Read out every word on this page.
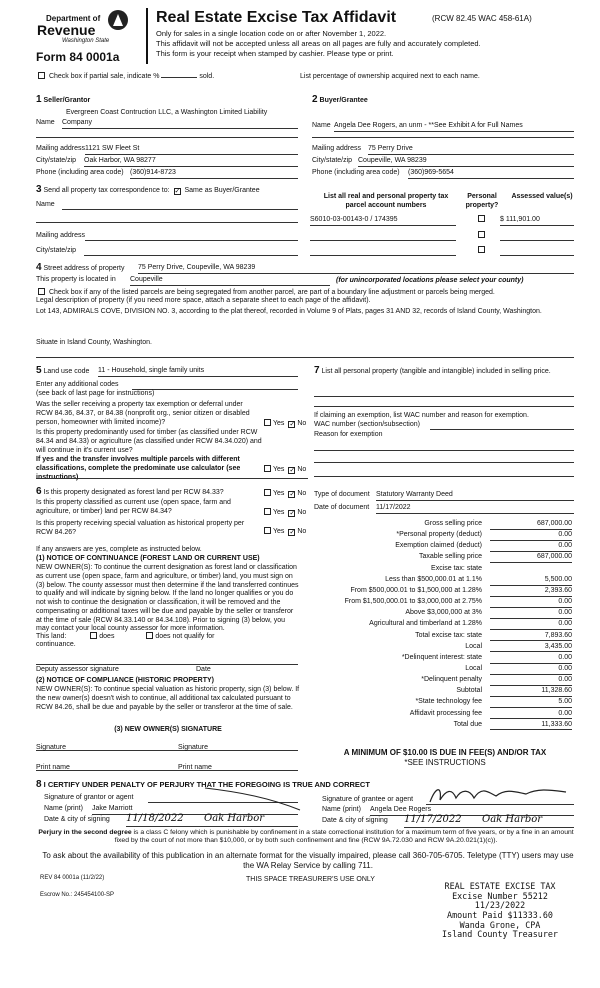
Department of
Revenue
Washington State
Form 84 0001a
Real Estate Excise Tax Affidavit	(RCW 82.45 WAC 458-61A)
Only for sales in a single location code on or after November 1, 2022.
This affidavit will not be accepted unless all areas on all pages are fully and accurately completed.
This form is your receipt when stamped by cashier. Please type or print.
Check box if partial sale, indicate %	sold.	List percentage of ownership acquired next to each name.
1 Seller/Grantor
Evergreen Coast Contruction LLC, a Washington Limited Liability
Name Company
Mailing address 1121 SW Fleet St
City/state/zip Oak Harbor, WA 98277
Phone (including area code) (360)914-8723
2 Buyer/Grantee
Name Angela Dee Rogers, an unm - **See Exhibit A for Full Names
Mailing address 75 Perry Drive
City/state/zip Coupeville, WA 98239
Phone (including area code) (360)969-5654
3 Send all property tax correspondence to: ✓ Same as Buyer/Grantee
Name
Mailing address
City/state/zip
List all real and personal property tax parcel account numbers
Personal property?
Assessed value(s)
S6010-03-00143-0 / 174395	$ 111,901.00
4 Street address of property 75 Perry Drive, Coupeville, WA 98239
This property is located in Coupeville	(for unincorporated locations please select your county)
Check box if any of the listed parcels are being segregated from another parcel, are part of a boundary line adjustment or parcels being merged.
Legal description of property (if you need more space, attach a separate sheet to each page of the affidavit).
Lot 143, ADMIRALS COVE, DIVISION NO. 3, according to the plat thereof, recorded in Volume 9 of Plats, pages 31 AND 32, records of Island County, Washington.
Situate in Island County, Washington.
5 Land use code 11 - Household, single family units
Enter any additional codes
(see back of last page for instructions)
Was the seller receiving a property tax exemption or deferral under RCW 84.36, 84.37, or 84.38 (nonprofit org., senior citizen or disabled person, homeowner with limited income)?	Yes ✓ No
Is this property predominantly used for timber (as classified under RCW 84.34 and 84.33) or agriculture (as classified under RCW 84.34.020) and will continue in it's current use?
If yes and the transfer involves multiple parcels with different classifications, complete the predominate use calculator (see instructions)
Yes ✓ No
7 List all personal property (tangible and intangible) included in selling price.
If claiming an exemption, list WAC number and reason for exemption.
WAC number (section/subsection)
Reason for exemption
6 Is this property designated as forest land per RCW 84.33?	Yes ✓ No
Is this property classified as current use (open space, farm and agriculture, or timber) land per RCW 84.34?	Yes ✓ No
Is this property receiving special valuation as historical property per RCW 84.26?	Yes ✓ No
If any answers are yes, complete as instructed below.
(1) NOTICE OF CONTINUANCE (FOREST LAND OR CURRENT USE)
NEW OWNER(S): To continue the current designation as forest land or classification as current use (open space, farm and agriculture, or timber) land, you must sign on (3) below. The county assessor must then determine if the land transferred continues to qualify and will indicate by signing below. If the land no longer qualifies or you do not wish to continue the designation or classification, it will be removed and the compensating or additional taxes will be due and payable by the seller or transferor at the time of sale (RCW 84.33.140 or 84.34.108). Prior to signing (3) below, you may contact your local county assessor for more information.
This land:	does	does not qualify for
continuance.
Deputy assessor signature	Date
(2) NOTICE OF COMPLIANCE (HISTORIC PROPERTY)
NEW OWNER(S): To continue special valuation as historic property, sign (3) below. If the new owner(s) doesn't wish to continue, all additional tax calculated pursuant to RCW 84.26, shall be due and payable by the seller or transferor at the time of sale.
(3) NEW OWNER(S) SIGNATURE
Signature	Signature
Print name	Print name
Type of document Statutory Warranty Deed
Date of document 11/17/2022
Gross selling price	687,000.00
*Personal property (deduct)	0.00
Exemption claimed (deduct)	0.00
Taxable selling price	687,000.00
Excise tax: state
Less than $500,000.01 at 1.1%	5,500.00
From $500,000.01 to $1,500,000 at 1.28%	2,393.60
From $1,500,000.01 to $3,000,000 at 2.75%	0.00
Above $3,000,000 at 3%	0.00
Agricultural and timberland at 1.28%	0.00
Total excise tax: state	7,893.60
Local	3,435.00
*Delinquent interest: state	0.00
Local	0.00
*Delinquent penalty	0.00
Subtotal	11,328.60
*State technology fee	5.00
Affidavit processing fee	0.00
Total due	11,333.60
A MINIMUM OF $10.00 IS DUE IN FEE(S) AND/OR TAX
*SEE INSTRUCTIONS
8 I CERTIFY UNDER PENALTY OF PERJURY THAT THE FOREGOING IS TRUE AND CORRECT
Signature of grantor or agent
Name (print) Jake Marriott
Date & city of signing 11/18/2022 Oak Harbor
Signature of grantee or agent
Name (print) Angela Dee Rogers
Date & city of signing 11/17/2022 Oak Harbor
Perjury in the second degree is a class C felony which is punishable by confinement in a state correctional institution for a maximum term of five years, or by a fine in an amount fixed by the court of not more than $10,000, or by both such confinement and fine (RCW 9A.72.030 and RCW 9A.20.021(1)(c)).
To ask about the availability of this publication in an alternate format for the visually impaired, please call 360-705-6705. Teletype (TTY) users may use the WA Relay Service by calling 711.
REV 84 0001a (11/2/22)	THIS SPACE TREASURER'S USE ONLY
Escrow No.: 245454100-SP
REAL ESTATE EXCISE TAX
Excise Number 55212
11/23/2022
Amount Paid $11333.60
Wanda Grone, CPA
Island County Treasurer
